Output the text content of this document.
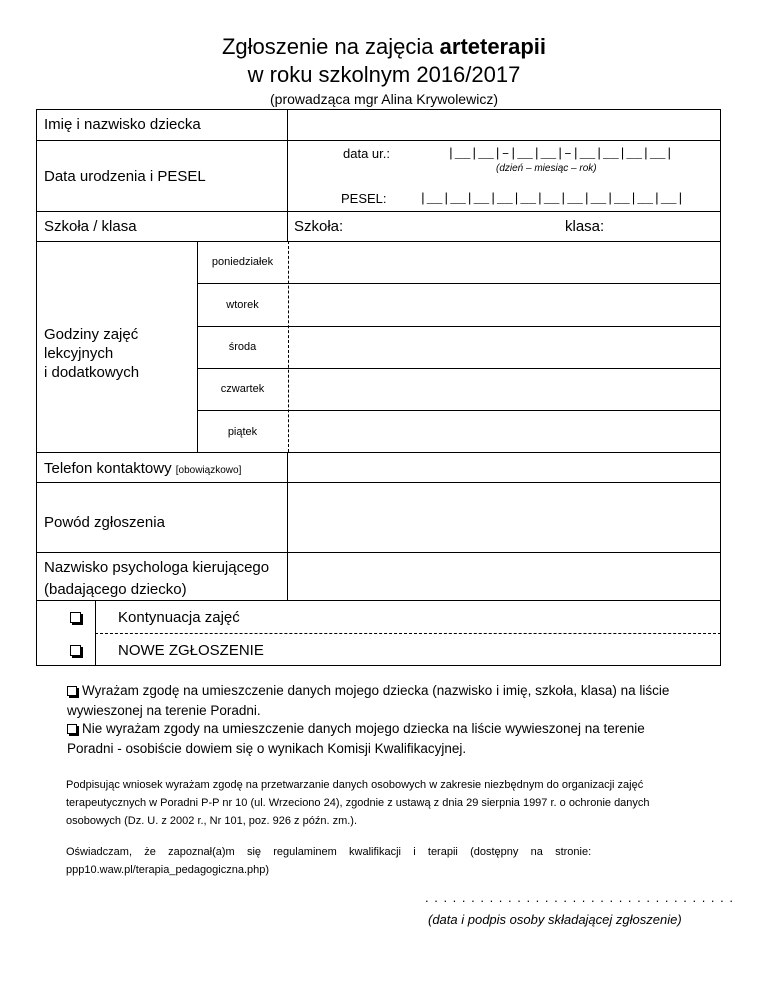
Zgłoszenie na zajęcia arteterapii
w roku szkolnym 2016/2017
(prowadząca mgr Alina Krywolewicz)
Imię i nazwisko dziecka
Data urodzenia i PESEL
data ur.:	|__|__|–|__|__|–|__|__|__|__|
(dzień – miesiąc – rok)
PESEL: |__|__|__|__|__|__|__|__|__|__|__|
Szkoła / klasa	Szkoła:	klasa:
Godziny zajęć
lekcyjnych
i dodatkowych
poniedziałek
wtorek
środa
czwartek
piątek
Telefon kontaktowy [obowiązkowo]
Powód zgłoszenia
Nazwisko psychologa kierującego
(badającego dziecko)
Kontynuacja zajęć
NOWE ZGŁOSZENIE
Wyrażam zgodę na umieszczenie danych mojego dziecka (nazwisko i imię, szkoła, klasa) na liście
wywieszonej na terenie Poradni.
Nie wyrażam zgody na umieszczenie danych mojego dziecka na liście wywieszonej na terenie
Poradni - osobiście dowiem się o wynikach Komisji Kwalifikacyjnej.
Podpisując wniosek wyrażam zgodę na przetwarzanie danych osobowych w zakresie niezbędnym do organizacji zajęć
terapeutycznych w Poradni P-P nr 10 (ul. Wrzeciono 24), zgodnie z ustawą z dnia 29 sierpnia 1997 r. o ochronie danych
osobowych (Dz. U. z 2002 r., Nr 101, poz. 926 z późn. zm.).
Oświadczam,    że    zapoznał(a)m    się    regulaminem    kwalifikacji    i    terapii    (dostępny    na    stronie:
ppp10.waw.pl/terapia_pedagogiczna.php)
. . . . . . . . . . . . . . . . . . . . . . . . . . . . . . . . . .
(data i podpis osoby składającej zgłoszenie)
